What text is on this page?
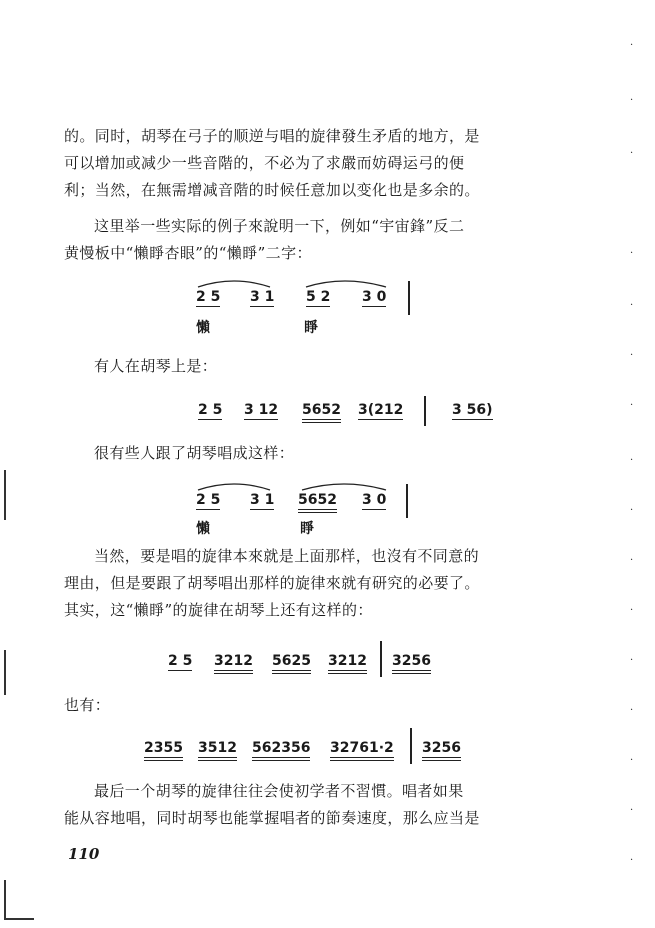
的。同时，胡琴在弓子的顺逆与唱的旋律發生矛盾的地方，是
可以增加或减少一些音階的，不必为了求嚴而妨碍运弓的便
利；当然，在無需增减音階的时候任意加以变化也是多余的。
这里举一些实际的例子來說明一下，例如“宇宙鋒”反二
黄慢板中“懶睜杏眼”的“懶睜”二字：
2 5 3 1 5 2 3 0
懶	睜
有人在胡琴上是：
2 5 3 12 5652 3(212	3 56)
很有些人跟了胡琴唱成这样：
2 5 3 1 5652 3 0
懶	睜
当然，要是唱的旋律本來就是上面那样，也沒有不同意的
理由，但是要跟了胡琴唱出那样的旋律來就有研究的必要了。
其实，这“懶睜”的旋律在胡琴上还有这样的：
2 5 3212 5625 3212 3256
也有：
2355 3512 562356 32761·2 3256
最后一个胡琴的旋律往往会使初学者不習慣。唱者如果
能从容地唱，同时胡琴也能掌握唱者的節奏速度，那么应当是
110
·
·
·
·
·
·
·
·
·
·
·
·
·
·
·
·
